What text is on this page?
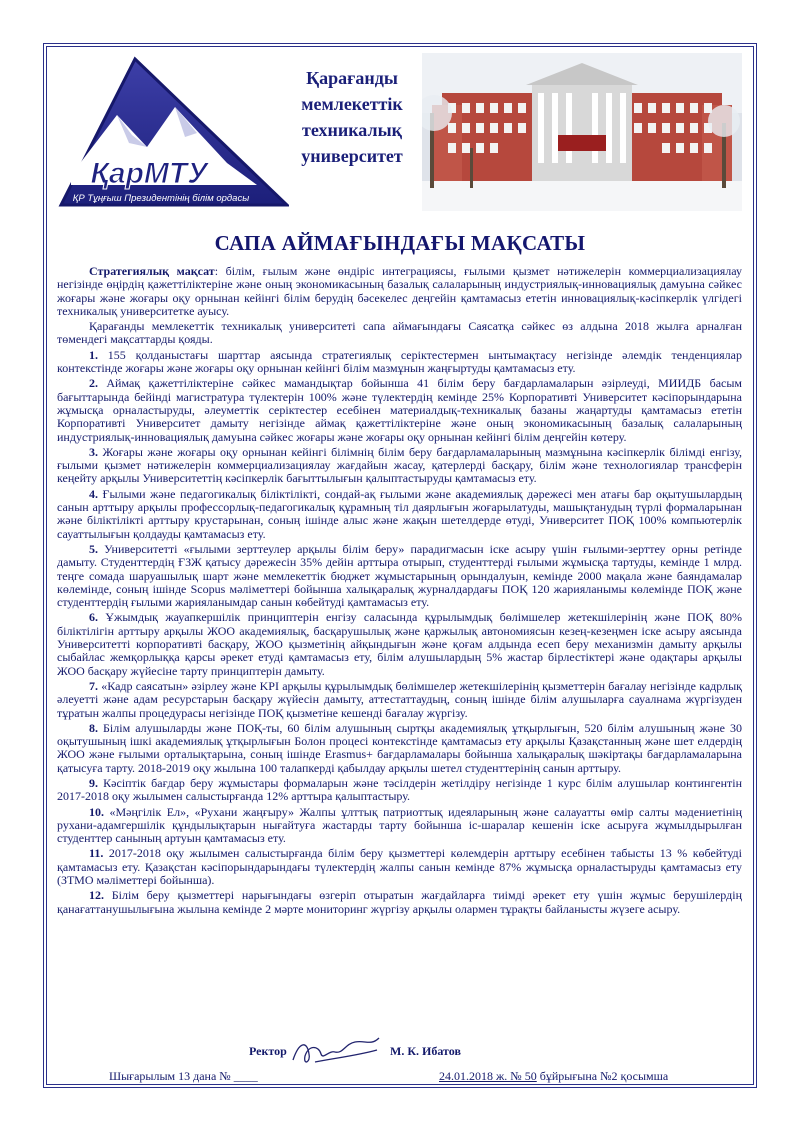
ҚарМТУ
ҚР Тұңғыш Президентінің білім ордасы
Қарағанды
мемлекеттік
техникалық
университет
САПА АЙМАҒЫНДАҒЫ МАҚСАТЫ

Стратегиялық мақсат: білім, ғылым және өндіріс интеграциясы, ғылыми қызмет нәтижелерін коммерциализациялау негізінде өңірдің қажеттіліктеріне және оның экономикасының базалық салаларының индустриялық-инновациялық дамуына сәйкес жоғары және жоғары оқу орнынан кейінгі білім берудің бәсекелес деңгейін қамтамасыз ететін инновациялық-кәсіпкерлік үлгідегі техникалық университетке ауысу.

Қарағанды мемлекеттік техникалық университеті сапа аймағындағы Саясатқа сәйкес өз алдына 2018 жылға арналған төмендегі мақсаттарды қояды.

1. 155 қолданыстағы шарттар аясында стратегиялық серіктестермен ынтымақтасу негізінде әлемдік тенденциялар контекстінде жоғары және жоғары оқу орнынан кейінгі білім мазмұнын жаңғыртуды қамтамасыз ету.

2. Аймақ қажеттіліктеріне сәйкес мамандықтар бойынша 41 білім беру бағдарламаларын әзірлеуді, МИИДБ басым бағыттарында бейінді магистратура түлектерін 100% және түлектердің кемінде 25% Корпоративті Университет кәсіпорындарына жұмысқа орналастыруды, әлеуметтік серіктестер есебінен материалдық-техникалық базаны жаңартуды қамтамасыз ететін Корпоративті Университет дамыту негізінде аймақ қажеттіліктеріне және оның экономикасының базалық салаларының индустриялық-инновациялық дамуына сәйкес жоғары және жоғары оқу орнынан кейінгі білім деңгейін көтеру.

3. Жоғары және жоғары оқу орнынан кейінгі білімнің білім беру бағдарламаларының мазмұнына кәсіпкерлік білімді енгізу, ғылыми қызмет нәтижелерін коммерциализациялау жағдайын жасау, қатерлерді басқару, білім және технологиялар трансферін кеңейту арқылы Университеттің кәсіпкерлік бағыттылығын қалыптастыруды қамтамасыз ету.

4. Ғылыми және педагогикалық біліктілікті, сондай-ақ ғылыми және академиялық дәрежесі мен атағы бар оқытушылардың санын арттыру арқылы профессорлық-педагогикалық құрамның тіл даярлығын жоғарылатуды, машықтанудың түрлі формаларынан және біліктілікті арттыру крустарынан, соның ішінде алыс және жақын шетелдерде өтуді, Университет ПОҚ 100% компьютерлік сауаттылығын қолдауды қамтамасыз ету.

5. Университетті «ғылыми зерттеулер арқылы білім беру» парадигмасын іске асыру үшін ғылыми-зерттеу орны ретінде дамыту. Студенттердің ҒЗЖ қатысу дәрежесін 35% дейін арттыра отырып, студенттерді ғылыми жұмысқа тартуды, кемінде 1 млрд. теңге сомада шаруашылық шарт және мемлекеттік бюджет жұмыстарының орындалуын, кемінде 2000 мақала және баяндамалар көлемінде, соның ішінде Scopus мәліметтері бойынша халықаралық журналдардағы ПОҚ 120 жарияланымы көлемінде ПОҚ және студенттердің ғылыми жарияланымдар санын көбейтуді қамтамасыз ету.

6. Ұжымдық жауапкершілік принциптерін енгізу саласында құрылымдық бөлімшелер жетекшілерінің және ПОҚ 80% біліктілігін арттыру арқылы ЖОО академиялық, басқарушылық және қаржылық автономиясын кезең-кезеңмен іске асыру аясында Университетті корпоративті басқару, ЖОО қызметінің айқындығын және қоғам алдында есеп беру механизмін дамыту арқылы сыбайлас жемқорлыққа қарсы әрекет етуді қамтамасыз ету, білім алушылардың 5% жастар бірлестіктері және одақтары арқылы ЖОО басқару жүйесіне тарту принциптерін дамыту.

7. «Кадр саясатын» әзірлеу және KPI арқылы құрылымдық бөлімшелер жетекшілерінің қызметтерін бағалау негізінде кадрлық әлеуетті және адам ресурстарын басқару жүйесін дамыту, аттестаттаудың, соның ішінде білім алушыларға сауалнама жүргізуден тұратын жалпы процедурасы негізінде ПОҚ қызметіне кешенді бағалау жүргізу.

8. Білім алушыларды және ПОҚ-ты, 60 білім алушының сыртқы академиялық ұтқырлығын, 520 білім алушының және 30 оқытушының ішкі академиялық ұтқырлығын Болон процесі контекстінде қамтамасыз ету арқылы Қазақстанның және шет елдердің ЖОО және ғылыми орталықтарына, соның ішінде Erasmus+ бағдарламалары бойынша халықаралық шәкіртақы бағдарламаларына қатысуға тарту. 2018-2019 оқу жылына 100 талапкерді қабылдау арқылы шетел студенттерінің санын арттыру.

9. Кәсіптік бағдар беру жұмыстары формаларын және тәсілдерін жетілдіру негізінде 1 курс білім алушылар контингентін 2017-2018 оқу жылымен салыстырғанда 12% арттыра қалыптастыру.

10. «Мәңгілік Ел», «Рухани жаңғыру» Жалпы ұлттық патриоттық идеяларының және салауатты өмір салты мәдениетінің рухани-адамгершілік құндылықтарын нығайтуға жастарды тарту бойынша іс-шаралар кешенін іске асыруға жұмылдырылған студенттер санының артуын қамтамасыз ету.

11. 2017-2018 оқу жылымен салыстырғанда білім беру қызметтері көлемдерін арттыру есебінен табысты 13 % көбейтуді қамтамасыз ету. Қазақстан кәсіпорындарындағы түлектердің жалпы санын кемінде 87% жұмысқа орналастыруды қамтамасыз ету (ЗТМО мәліметтері бойынша).

12. Білім беру қызметтері нарығындағы өзгеріп отыратын жағдайларға тиімді әрекет ету үшін жұмыс берушілердің қанағаттанушылығына жылына кемінде 2 мәрте мониторинг жүргізу арқылы олармен тұрақты байланысты жүзеге асыру.

Ректор	М. К. Ибатов
Шығарылым 13 дана № ____	24.01.2018 ж. № 50 бұйрығына №2 қосымша
